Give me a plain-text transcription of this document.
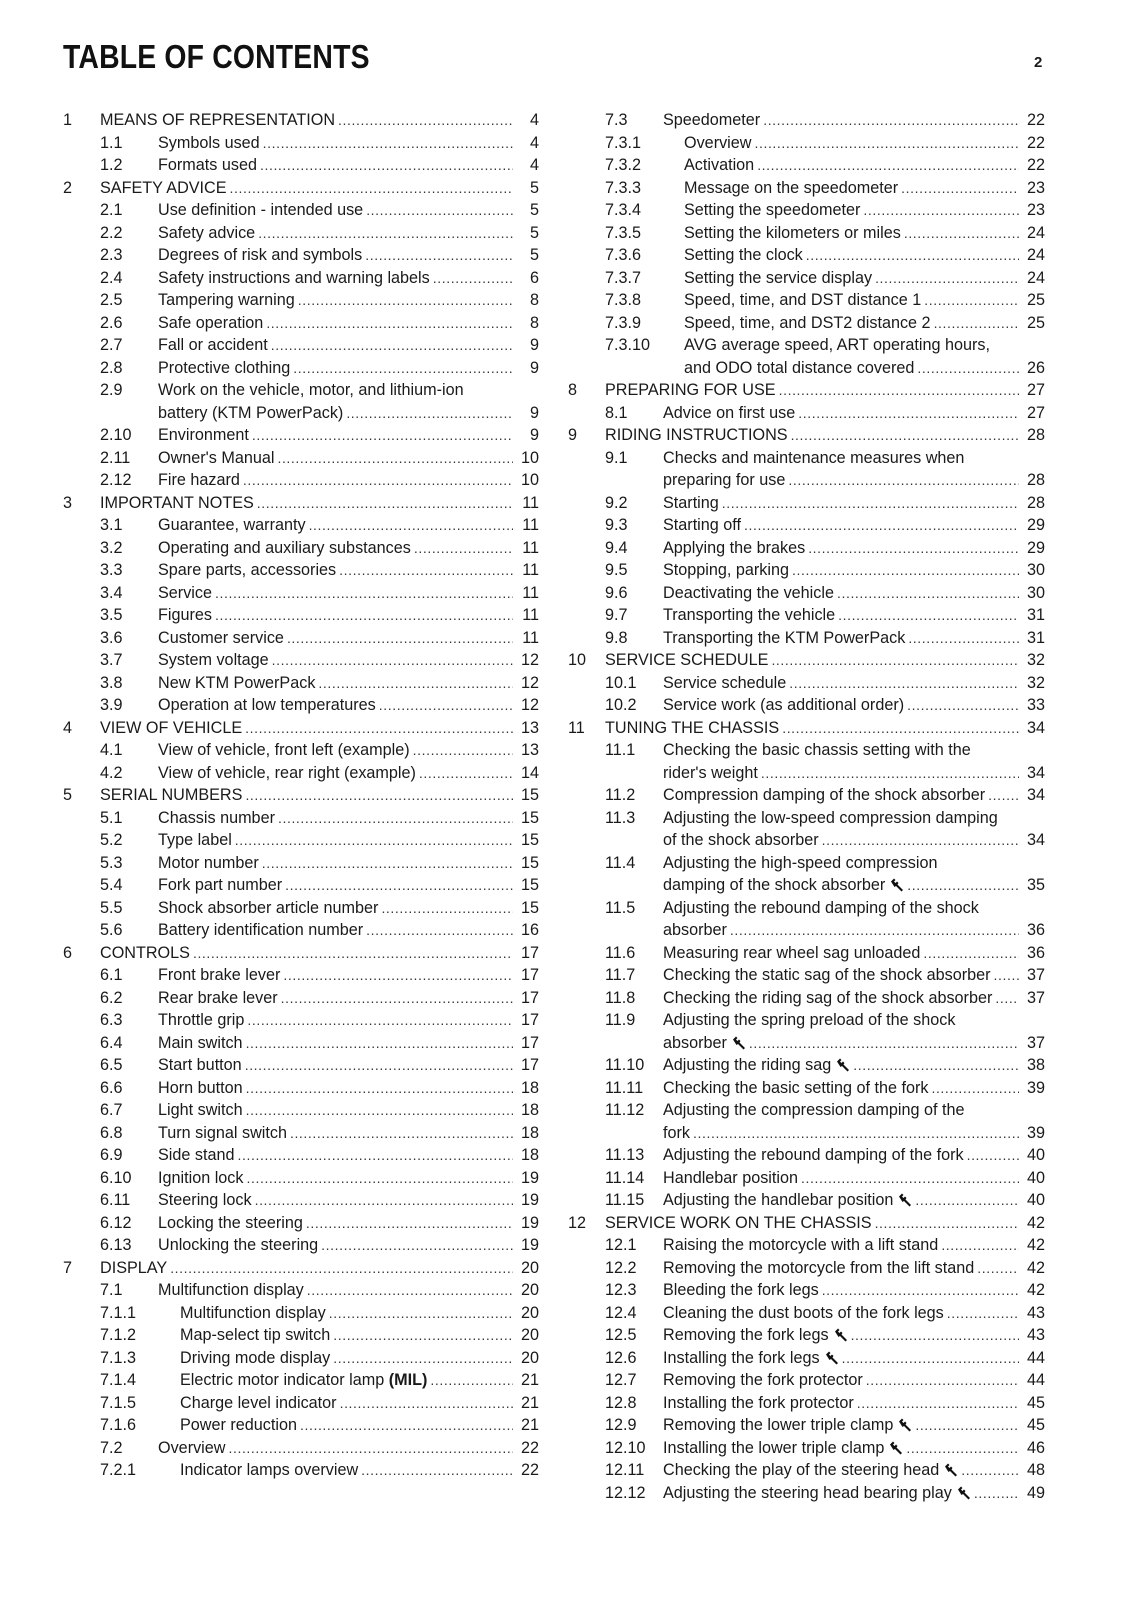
TABLE OF CONTENTS	2
1 MEANS OF REPRESENTATION .....	4
1.1 Symbols used .....	4
1.2 Formats used .....	4
2 SAFETY ADVICE .....	5
2.1 Use definition - intended use .....	5
2.2 Safety advice .....	5
2.3 Degrees of risk and symbols .....	5
2.4 Safety instructions and warning labels .....	6
2.5 Tampering warning .....	8
2.6 Safe operation .....	8
2.7 Fall or accident .....	9
2.8 Protective clothing .....	9
2.9 Work on the vehicle, motor, and lithium-ion
battery (KTM PowerPack) .....	9
2.10 Environment .....	9
2.11 Owner's Manual .....	10
2.12 Fire hazard .....	10
3 IMPORTANT NOTES .....	11
3.1 Guarantee, warranty .....	11
3.2 Operating and auxiliary substances .....	11
3.3 Spare parts, accessories .....	11
3.4 Service .....	11
3.5 Figures .....	11
3.6 Customer service .....	11
3.7 System voltage .....	12
3.8 New KTM PowerPack .....	12
3.9 Operation at low temperatures .....	12
4 VIEW OF VEHICLE .....	13
4.1 View of vehicle, front left (example) .....	13
4.2 View of vehicle, rear right (example) .....	14
5 SERIAL NUMBERS .....	15
5.1 Chassis number .....	15
5.2 Type label .....	15
5.3 Motor number .....	15
5.4 Fork part number .....	15
5.5 Shock absorber article number .....	15
5.6 Battery identification number .....	16
6 CONTROLS .....	17
6.1 Front brake lever .....	17
6.2 Rear brake lever .....	17
6.3 Throttle grip .....	17
6.4 Main switch .....	17
6.5 Start button .....	17
6.6 Horn button .....	18
6.7 Light switch .....	18
6.8 Turn signal switch .....	18
6.9 Side stand .....	18
6.10 Ignition lock .....	19
6.11 Steering lock .....	19
6.12 Locking the steering .....	19
6.13 Unlocking the steering .....	19
7 DISPLAY .....	20
7.1 Multifunction display .....	20
7.1.1	Multifunction display .....	20
7.1.2	Map-select tip switch .....	20
7.1.3	Driving mode display .....	20
7.1.4	Electric motor indicator lamp (MIL) .....	21
7.1.5	Charge level indicator .....	21
7.1.6	Power reduction .....	21
7.2 Overview .....	22
7.2.1	Indicator lamps overview .....	22
7.3 Speedometer .....	22
7.3.1	Overview .....	22
7.3.2	Activation .....	22
7.3.3	Message on the speedometer .....	23
7.3.4	Setting the speedometer .....	23
7.3.5	Setting the kilometers or miles .....	24
7.3.6	Setting the clock .....	24
7.3.7	Setting the service display .....	24
7.3.8	Speed, time, and DST distance 1 .....	25
7.3.9	Speed, time, and DST2 distance 2 .....	25
7.3.10 AVG average speed, ART operating hours,
and ODO total distance covered .....	26
8 PREPARING FOR USE .....	27
8.1 Advice on first use .....	27
9 RIDING INSTRUCTIONS .....	28
9.1 Checks and maintenance measures when
preparing for use .....	28
9.2 Starting .....	28
9.3 Starting off .....	29
9.4 Applying the brakes .....	29
9.5 Stopping, parking .....	30
9.6 Deactivating the vehicle .....	30
9.7 Transporting the vehicle .....	31
9.8 Transporting the KTM PowerPack .....	31
10 SERVICE SCHEDULE .....	32
10.1 Service schedule .....	32
10.2 Service work (as additional order) .....	33
11 TUNING THE CHASSIS .....	34
11.1 Checking the basic chassis setting with the
rider's weight .....	34
11.2 Compression damping of the shock absorber .....	34
11.3 Adjusting the low-speed compression damping
of the shock absorber .....	34
11.4 Adjusting the high-speed compression
damping of the shock absorber .....	35
11.5 Adjusting the rebound damping of the shock
absorber .....	36
11.6 Measuring rear wheel sag unloaded .....	36
11.7 Checking the static sag of the shock absorber ..... 37
11.8 Checking the riding sag of the shock absorber ..... 37
11.9 Adjusting the spring preload of the shock
absorber .....	37
11.10 Adjusting the riding sag .....	38
11.11 Checking the basic setting of the fork .....	39
11.12 Adjusting the compression damping of the
fork .....	39
11.13 Adjusting the rebound damping of the fork .....	40
11.14 Handlebar position .....	40
11.15 Adjusting the handlebar position .....	40
12 SERVICE WORK ON THE CHASSIS .....	42
12.1 Raising the motorcycle with a lift stand .....	42
12.2 Removing the motorcycle from the lift stand .....	42
12.3 Bleeding the fork legs .....	42
12.4 Cleaning the dust boots of the fork legs .....	43
12.5 Removing the fork legs .....	43
12.6 Installing the fork legs .....	44
12.7 Removing the fork protector .....	44
12.8 Installing the fork protector .....	45
12.9 Removing the lower triple clamp .....	45
12.10 Installing the lower triple clamp .....	46
12.11 Checking the play of the steering head .....	48
12.12 Adjusting the steering head bearing play .....	49
